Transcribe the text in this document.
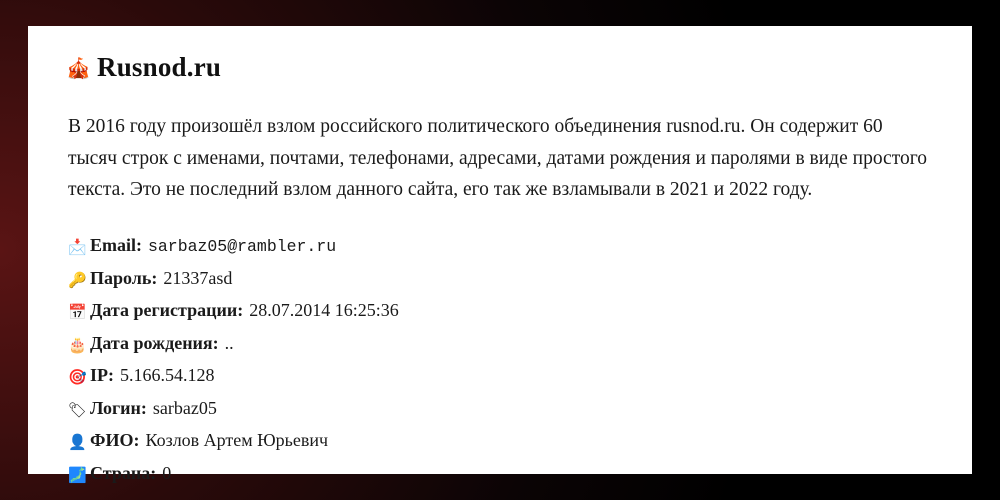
🎪 Rusnod.ru

В 2016 году произошёл взлом российского политического объединения rusnod.ru. Он содержит 60 тысяч строк с именами, почтами, телефонами, адресами, датами рождения и паролями в виде простого текста. Это не последний взлом данного сайта, его так же взламывали в 2021 и 2022 году.

📩 Email: sarbaz05@rambler.ru
🔑 Пароль: 21337asd
📅 Дата регистрации: 28.07.2014 16:25:36
🎂 Дата рождения: ..
🎯 IP: 5.166.54.128
🏷 Логин: sarbaz05
👤 ФИО: Козлов Артем Юрьевич
🗾 Страна: 0
